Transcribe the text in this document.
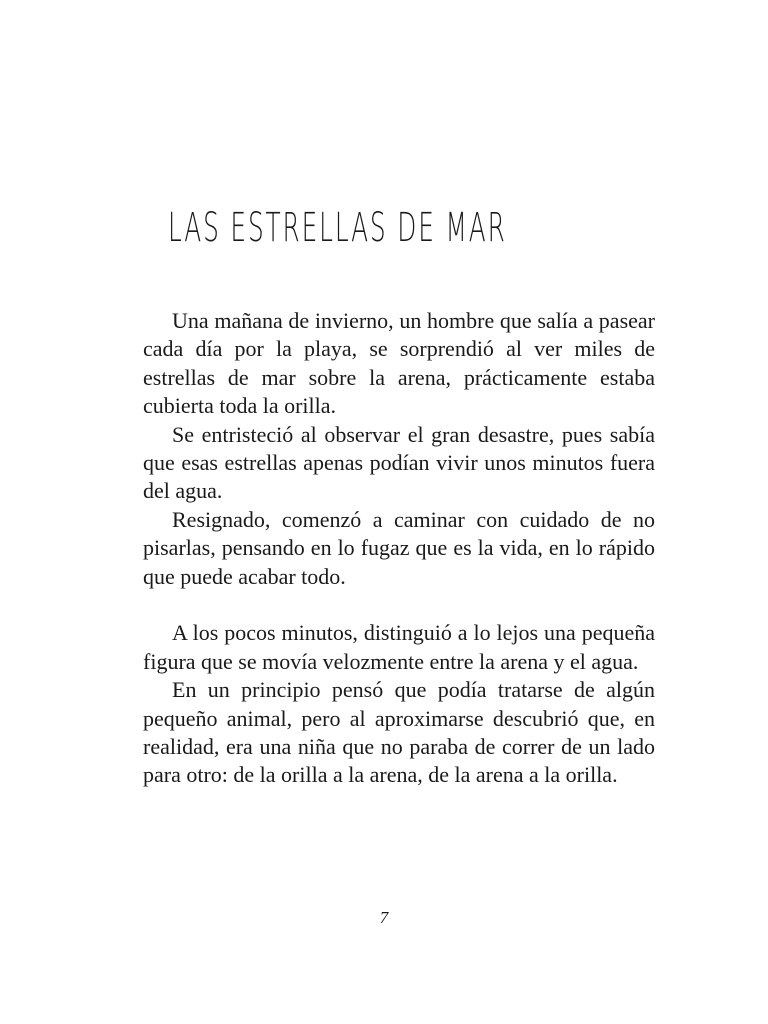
LAS ESTRELLAS DE MAR

Una mañana de invierno, un hombre que salía a pasear cada día por la playa, se sorprendió al ver miles de estrellas de mar sobre la arena, prácticamente estaba cubierta toda la orilla.

Se entristeció al observar el gran desastre, pues sabía que esas estrellas apenas podían vivir unos minutos fuera del agua.

Resignado, comenzó a caminar con cuidado de no pisarlas, pensando en lo fugaz que es la vida, en lo rápido que puede acabar todo.

A los pocos minutos, distinguió a lo lejos una pequeña figura que se movía velozmente entre la arena y el agua.

En un principio pensó que podía tratarse de algún pequeño animal, pero al aproximarse descubrió que, en realidad, era una niña que no paraba de correr de un lado para otro: de la orilla a la arena, de la arena a la orilla.

7
